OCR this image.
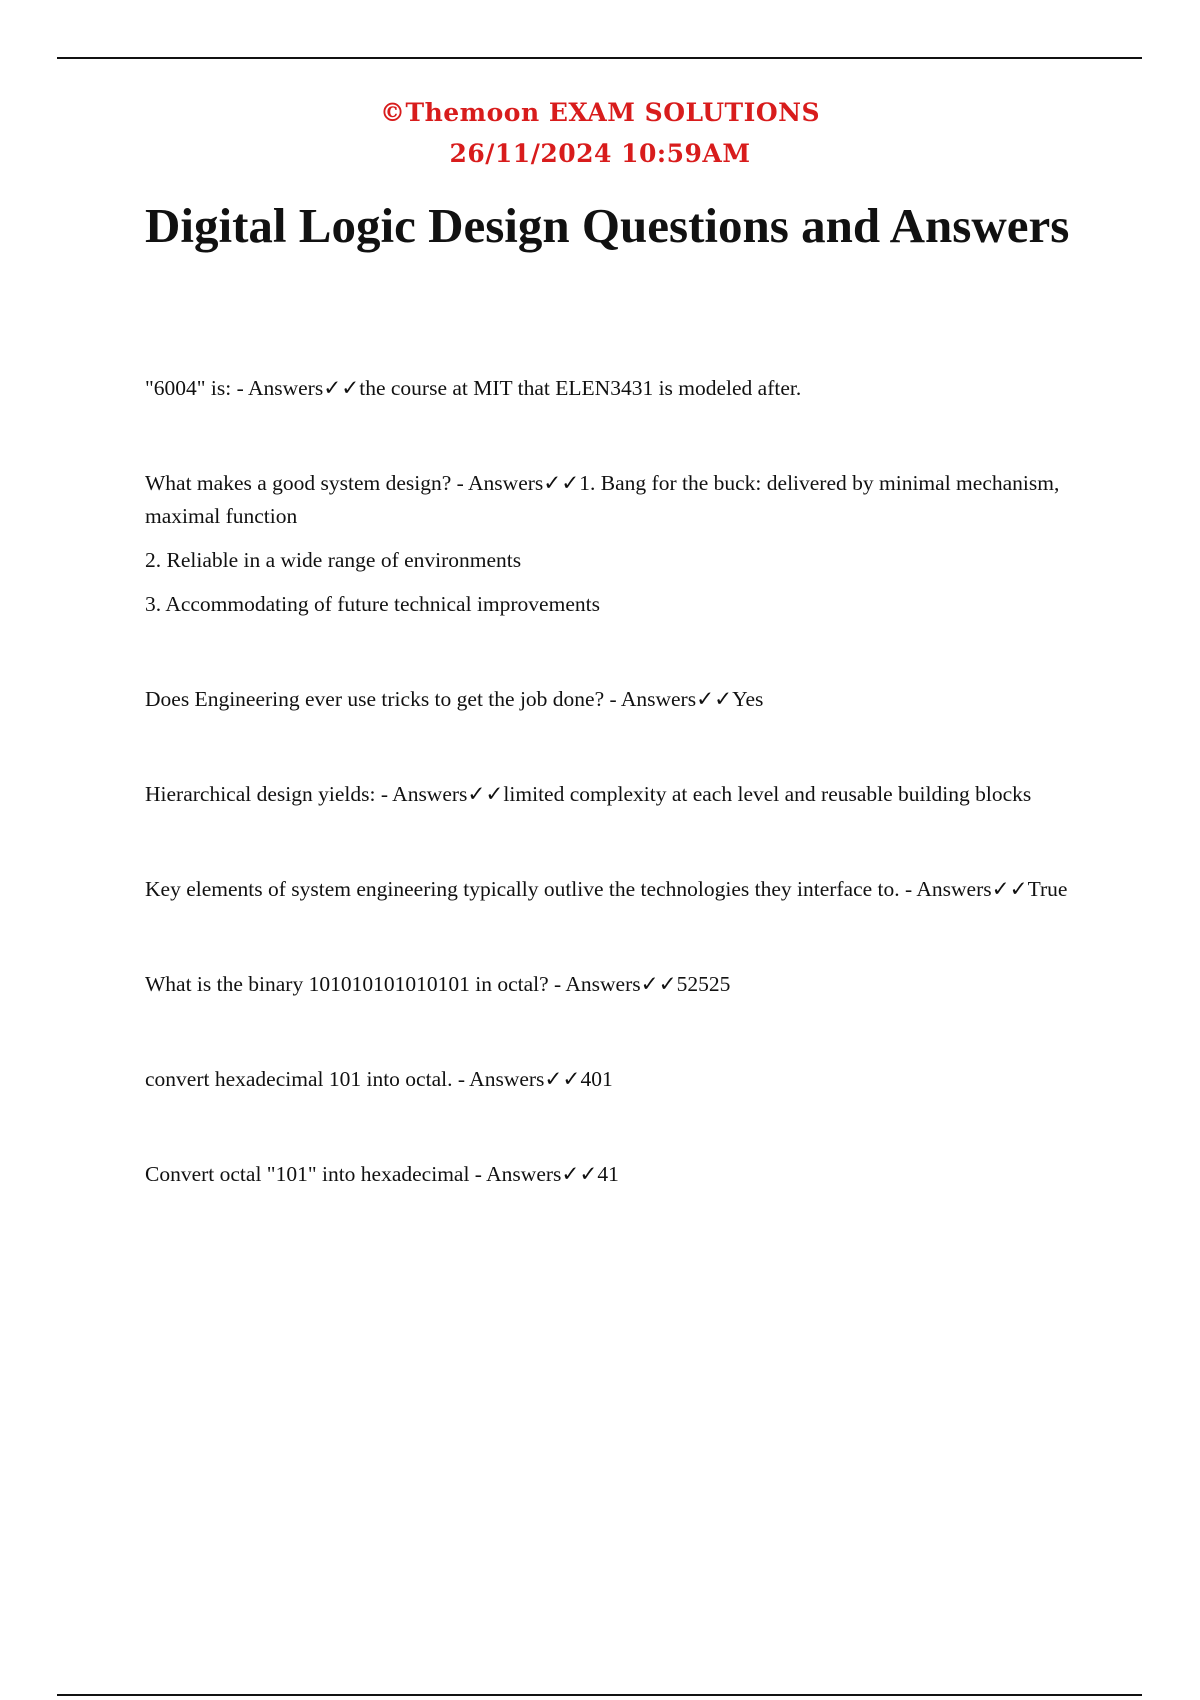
©Themoon EXAM SOLUTIONS
26/11/2024 10:59AM
Digital Logic Design Questions and Answers

"6004" is: - Answers✓✓the course at MIT that ELEN3431 is modeled after.

What makes a good system design? - Answers✓✓1. Bang for the buck: delivered by minimal mechanism, maximal function

2. Reliable in a wide range of environments

3. Accommodating of future technical improvements

Does Engineering ever use tricks to get the job done? - Answers✓✓Yes

Hierarchical design yields: - Answers✓✓limited complexity at each level and reusable building blocks

Key elements of system engineering typically outlive the technologies they interface to. - Answers✓✓True

What is the binary 101010101010101 in octal? - Answers✓✓52525

convert hexadecimal 101 into octal. - Answers✓✓401

Convert octal "101" into hexadecimal - Answers✓✓41
